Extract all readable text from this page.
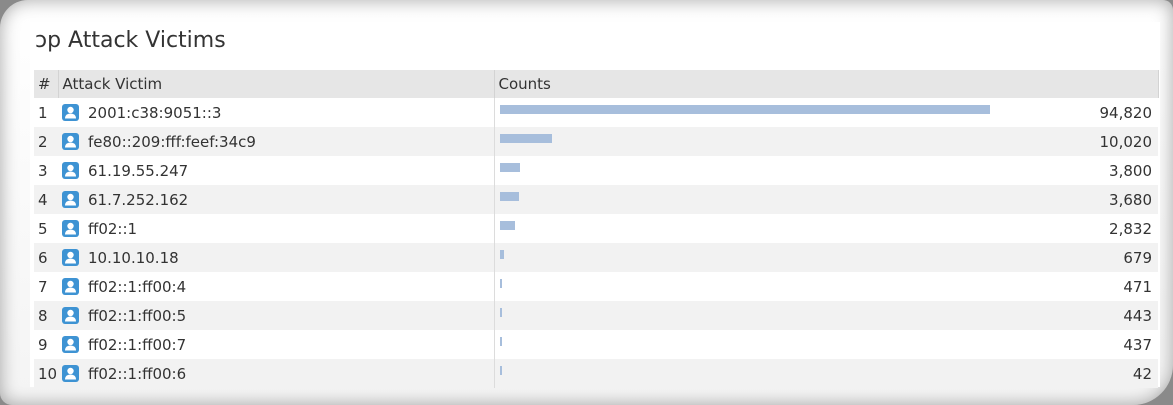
ɔp Attack Victims
#	Attack Victim	Counts
1	2001:c38:9051::3	94,820

2	fe80::209:fff:feef:34c9	10,020

3	61.19.55.247	3,800

4	61.7.252.162	3,680

5	ff02::1	2,832

6	10.10.10.18	679

7	ff02::1:ff00:4	471

8	ff02::1:ff00:5	443

9	ff02::1:ff00:7	437

10	ff02::1:ff00:6	42
